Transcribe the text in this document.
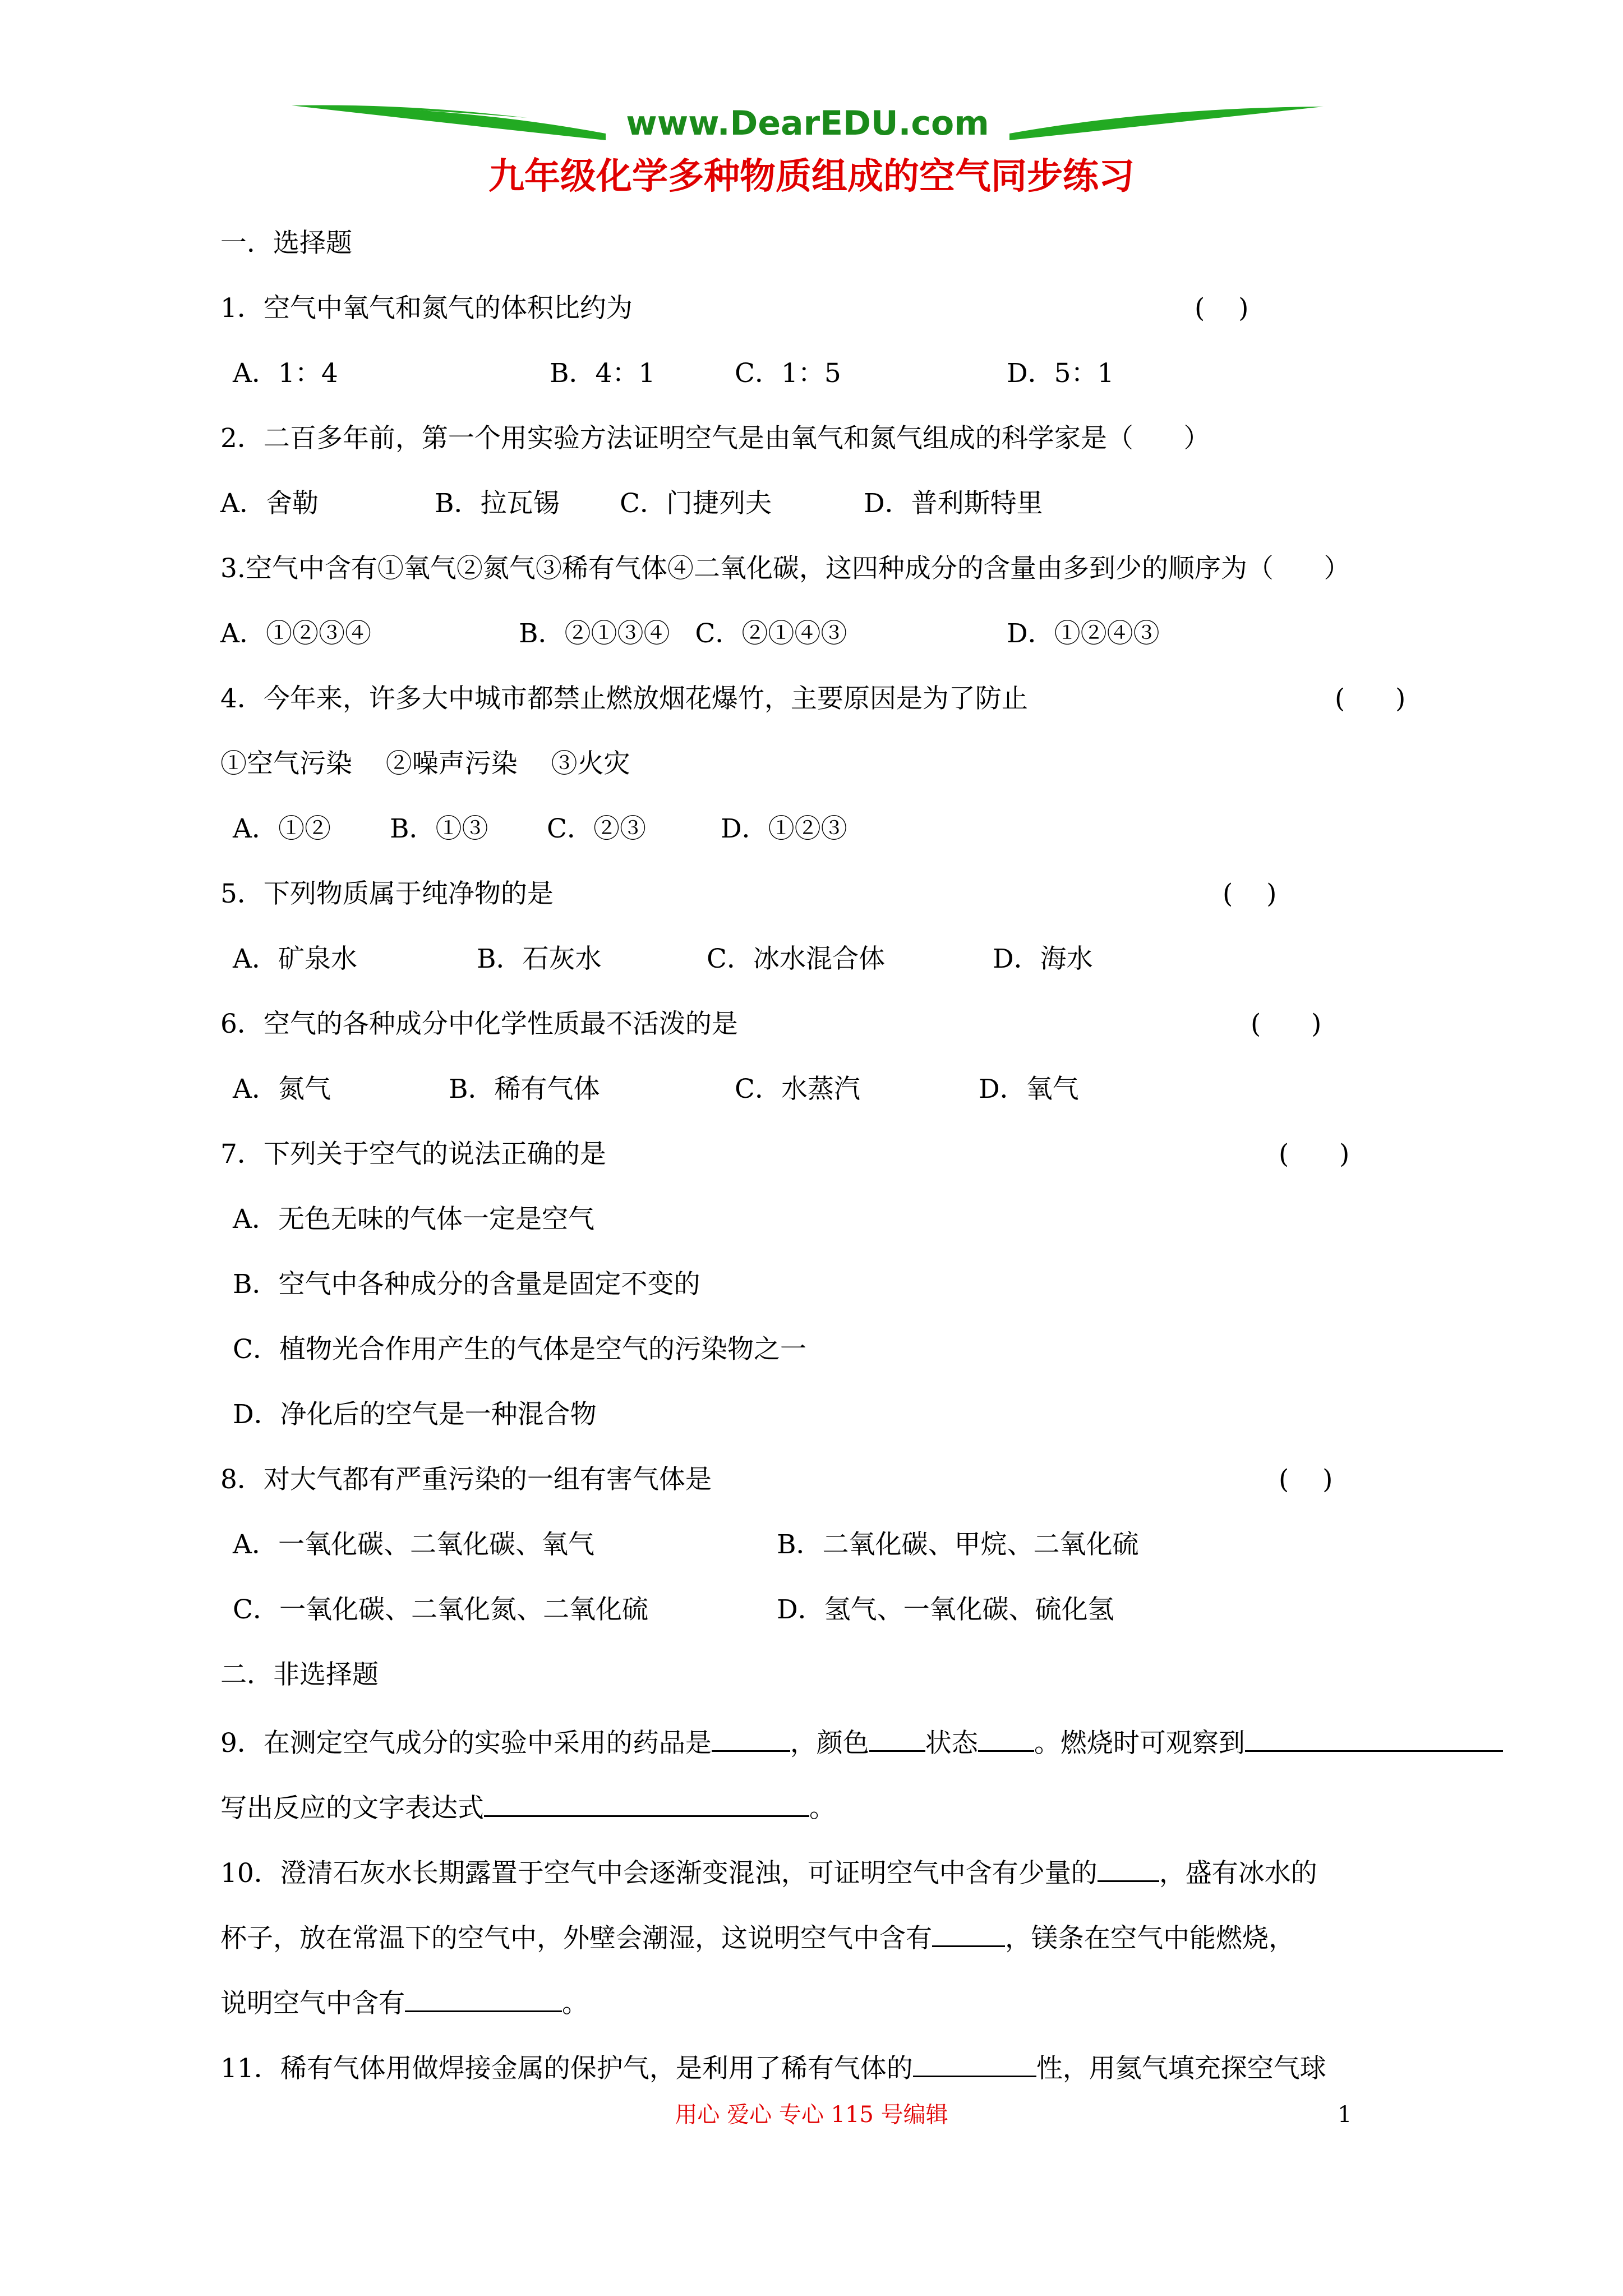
www.DearEDU.com
九年级化学多种物质组成的空气同步练习
一．选择题
1．空气中氧气和氮气的体积比约为	(    )
A．1：4	B．4：1	C．1：5	D．5：1
2．二百多年前，第一个用实验方法证明空气是由氧气和氮气组成的科学家是（      ）
A．舍勒	B．拉瓦锡 C．门捷列夫	D．普利斯特里
3.空气中含有①氧气②氮气③稀有气体④二氧化碳，这四种成分的含量由多到少的顺序为（      ）
A．①②③④	B．②①③④   C．②①④③	D．①②④③
4．今年来，许多大中城市都禁止燃放烟花爆竹，主要原因是为了防止	(      )
①空气污染    ②噪声污染    ③火灾
A．①② B．①③ C．②③	D．①②③
5．下列物质属于纯净物的是	(    )
A．矿泉水	B．石灰水	C．冰水混合体	D．海水
6．空气的各种成分中化学性质最不活泼的是	(      )
A．氮气	B．稀有气体	C．水蒸汽	D．氧气
7．下列关于空气的说法正确的是	(      )
A．无色无味的气体一定是空气
B．空气中各种成分的含量是固定不变的
C．植物光合作用产生的气体是空气的污染物之一
D．净化后的空气是一种混合物
8．对大气都有严重污染的一组有害气体是	(    )
A．一氧化碳、二氧化碳、氧气	B．二氧化碳、甲烷、二氧化硫
C．一氧化碳、二氧化氮、二氧化硫	D．氢气、一氧化碳、硫化氢
二．非选择题
9．在测定空气成分的实验中采用的药品是	，颜色 状态 。燃烧时可观察到
写出反应的文字表达式	。
10．澄清石灰水长期露置于空气中会逐渐变混浊，可证明空气中含有少量的 ，盛有冰水的
杯子，放在常温下的空气中，外壁会潮湿，这说明空气中含有	，镁条在空气中能燃烧，
说明空气中含有	。
11．稀有气体用做焊接金属的保护气，是利用了稀有气体的	性，用氦气填充探空气球
用心 爱心 专心 115 号编辑	1
